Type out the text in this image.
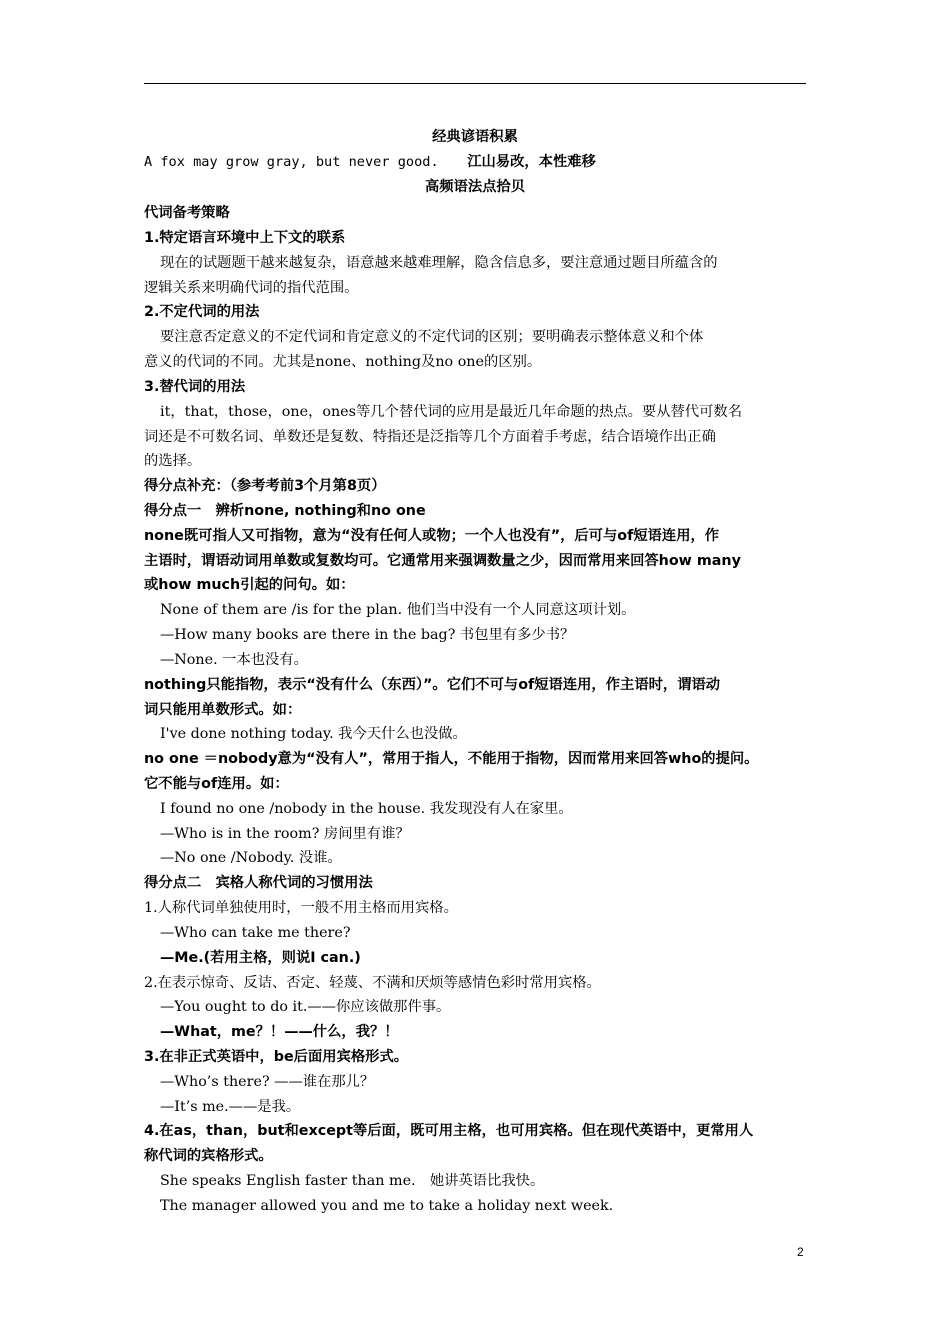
经典谚语积累
A fox may grow gray, but never good. 江山易改，本性难移
高频语法点拾贝
代词备考策略
1.特定语言环境中上下文的联系
现在的试题题干越来越复杂，语意越来越难理解，隐含信息多，要注意通过题目所蕴含的
逻辑关系来明确代词的指代范围。
2.不定代词的用法
要注意否定意义的不定代词和肯定意义的不定代词的区别；要明确表示整体意义和个体
意义的代词的不同。尤其是none、nothing及no one的区别。
3.替代词的用法
it，that，those，one，ones等几个替代词的应用是最近几年命题的热点。要从替代可数名
词还是不可数名词、单数还是复数、特指还是泛指等几个方面着手考虑，结合语境作出正确
的选择。
得分点补充：（参考考前3个月第8页）
得分点一　辨析none, nothing和no one
none既可指人又可指物，意为“没有任何人或物；一个人也没有”，后可与of短语连用，作
主语时，谓语动词用单数或复数均可。它通常用来强调数量之少，因而常用来回答how many
或how much引起的问句。如：
None of them are /is for the plan. 他们当中没有一个人同意这项计划。
—How many books are there in the bag? 书包里有多少书？
—None. 一本也没有。
nothing只能指物，表示“没有什么（东西）”。它们不可与of短语连用，作主语时，谓语动
词只能用单数形式。如：
I've done nothing today. 我今天什么也没做。
no one ＝nobody意为“没有人”，常用于指人，不能用于指物，因而常用来回答who的提问。
它不能与of连用。如：
I found no one /nobody in the house. 我发现没有人在家里。
—Who is in the room? 房间里有谁？
—No one /Nobody. 没谁。
得分点二　宾格人称代词的习惯用法
1.人称代词单独使用时，一般不用主格而用宾格。
—Who can take me there?
—Me.(若用主格，则说I can.)
2.在表示惊奇、反诘、否定、轻蔑、不满和厌烦等感情色彩时常用宾格。
—You ought to do it.——你应该做那件事。
—What，me？！——什么，我？！
3.在非正式英语中，be后面用宾格形式。
—Who’s there? ——谁在那儿？
—It’s me.——是我。
4.在as，than，but和except等后面，既可用主格，也可用宾格。但在现代英语中，更常用人
称代词的宾格形式。
She speaks English faster than me.　她讲英语比我快。
The manager allowed you and me to take a holiday next week.
2
